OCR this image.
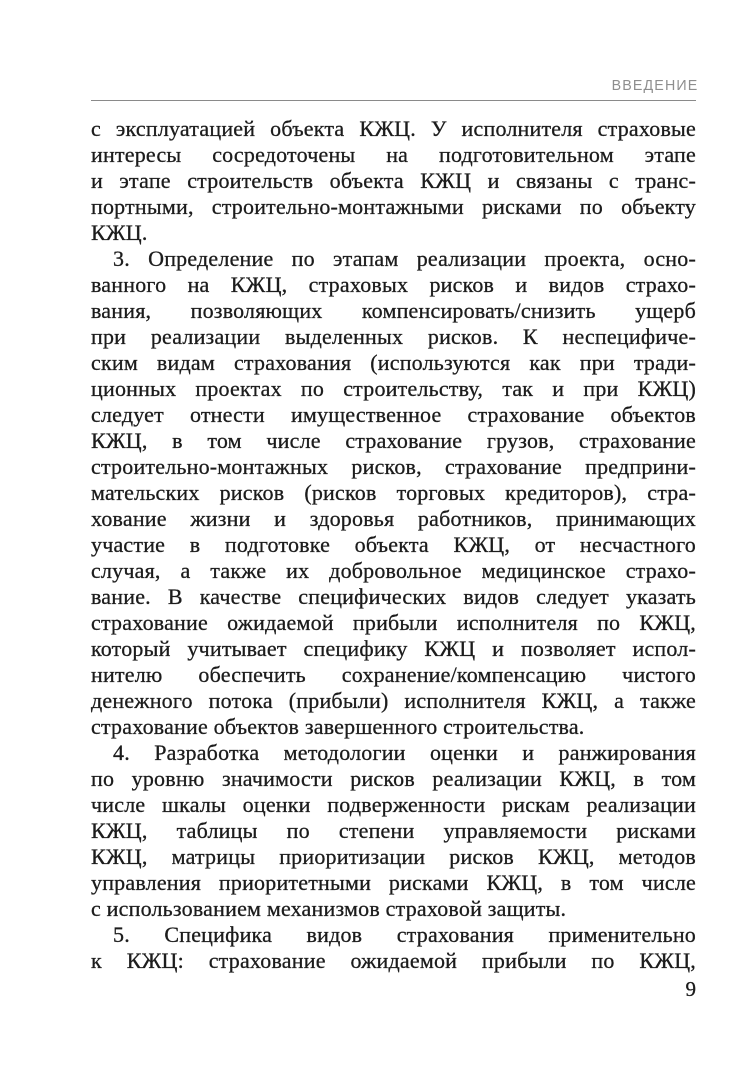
ВВЕДЕНИЕ
с эксплуатацией объекта КЖЦ. У исполнителя страховые
интересы сосредоточены на подготовительном этапе
и этапе строительств объекта КЖЦ и связаны с транс-
портными, строительно-монтажными рисками по объекту
КЖЦ.
3. Определение по этапам реализации проекта, осно-
ванного на КЖЦ, страховых рисков и видов страхо-
вания, позволяющих компенсировать/снизить ущерб
при реализации выделенных рисков. К неспецифиче-
ским видам страхования (используются как при тради-
ционных проектах по строительству, так и при КЖЦ)
следует отнести имущественное страхование объектов
КЖЦ, в том числе страхование грузов, страхование
строительно-монтажных рисков, страхование предприни-
мательских рисков (рисков торговых кредиторов), стра-
хование жизни и здоровья работников, принимающих
участие в подготовке объекта КЖЦ, от несчастного
случая, а также их добровольное медицинское страхо-
вание. В качестве специфических видов следует указать
страхование ожидаемой прибыли исполнителя по КЖЦ,
который учитывает специфику КЖЦ и позволяет испол-
нителю обеспечить сохранение/компенсацию чистого
денежного потока (прибыли) исполнителя КЖЦ, а также
страхование объектов завершенного строительства.
4. Разработка методологии оценки и ранжирования
по уровню значимости рисков реализации КЖЦ, в том
числе шкалы оценки подверженности рискам реализации
КЖЦ, таблицы по степени управляемости рисками
КЖЦ, матрицы приоритизации рисков КЖЦ, методов
управления приоритетными рисками КЖЦ, в том числе
с использованием механизмов страховой защиты.
5. Специфика видов страхования применительно
к КЖЦ: страхование ожидаемой прибыли по КЖЦ,
9
